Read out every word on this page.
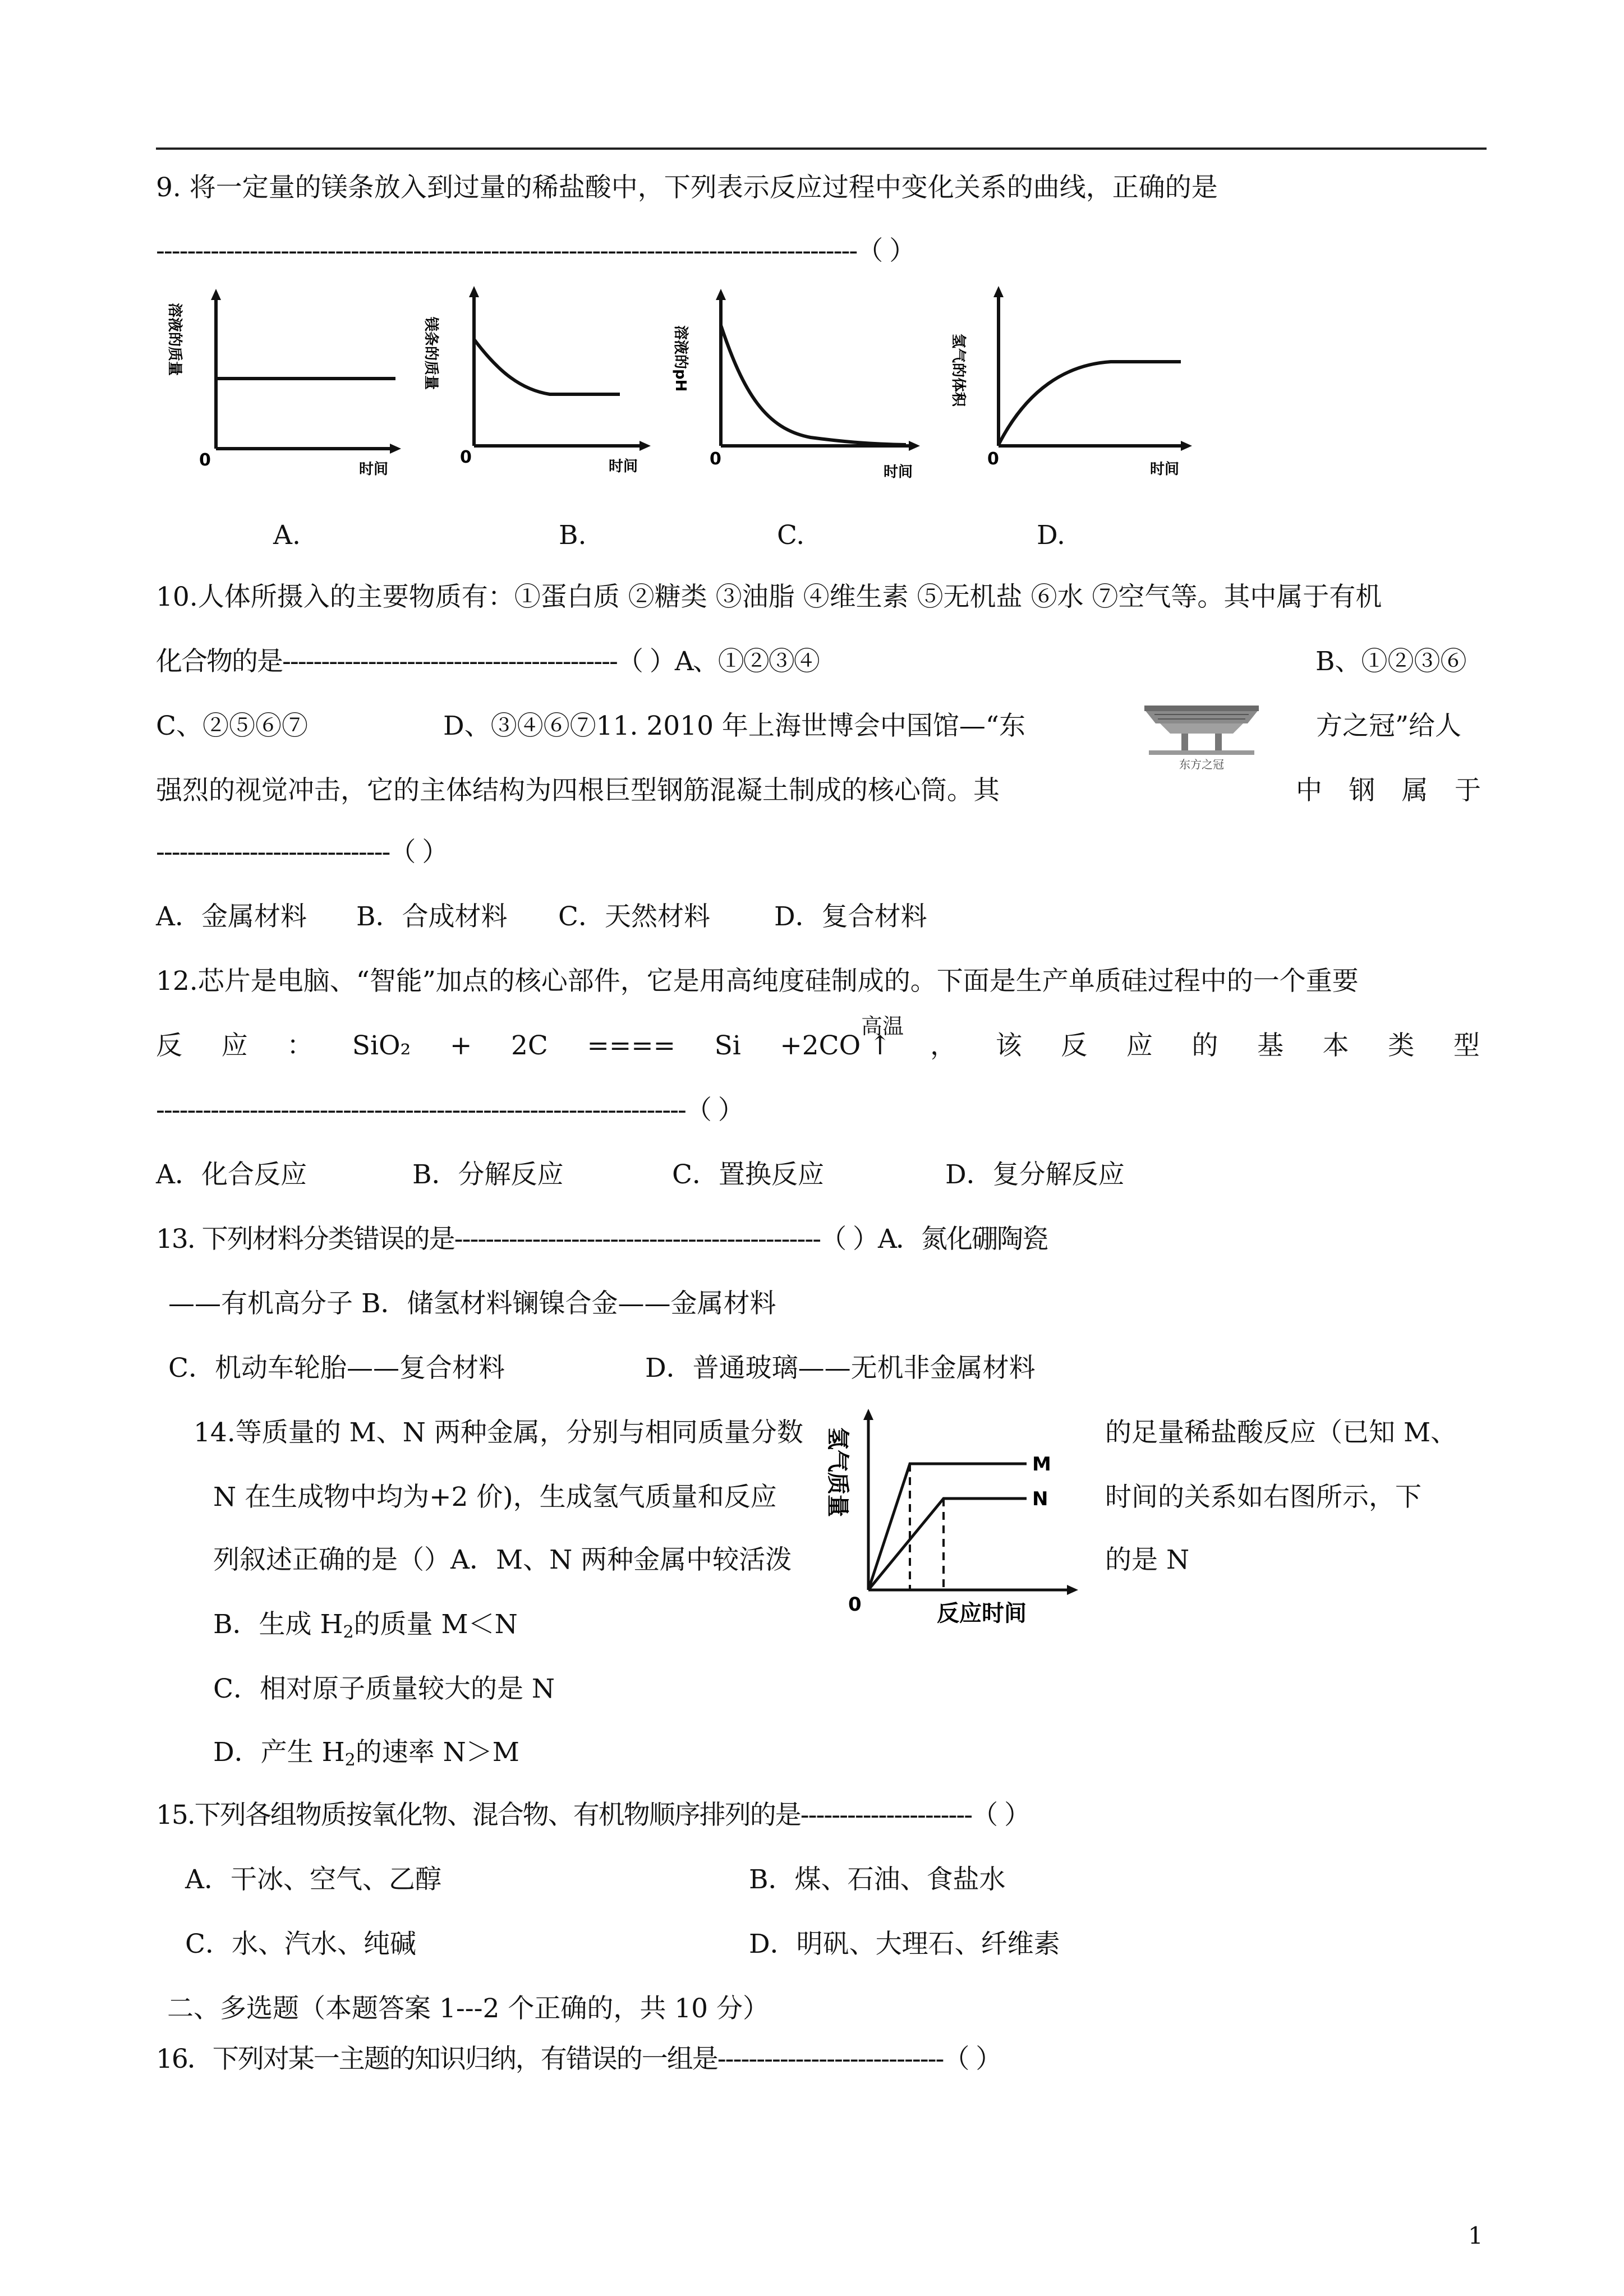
9. 将一定量的镁条放入到过量的稀盐酸中，下列表示反应过程中变化关系的曲线，正确的是
------------------------------------------------------------------------------------------（ ）
0	时间
溶液的质量
0	时间
镁条的质量
0
时间
溶液的pH
0
时间
氢气的体积
A.	B.	C.	D.
10.人体所摄入的主要物质有：①蛋白质 ②糖类 ③油脂 ④维生素 ⑤无机盐 ⑥水 ⑦空气等。其中属于有机
化合物的是-------------------------------------------（ ）A、①②③④	B、①②③⑥
C、②⑤⑥⑦	D、③④⑥⑦11. 2010 年上海世博会中国馆—“东	方之冠”给人
东方之冠
强烈的视觉冲击，它的主体结构为四根巨型钢筋混凝土制成的核心筒。其	中 钢 属 于
------------------------------（ ）
A．金属材料 B．合成材料 C．天然材料 D．复合材料
12.芯片是电脑、“智能”加点的核心部件，它是用高纯度硅制成的。下面是生产单质硅过程中的一个重要
高温
反 应 ： SiO₂ + 2C ==== Si +2CO ↑ ， 该 反 应 的 基 本 类 型
--------------------------------------------------------------------（ ）
A．化合反应	B．分解反应	C．置换反应	D．复分解反应
13. 下列材料分类错误的是-----------------------------------------------（ ）A．氮化硼陶瓷
——有机高分子 B．储氢材料镧镍合金——金属材料
C．机动车轮胎——复合材料	D．普通玻璃——无机非金属材料
14.等质量的 M、N 两种金属，分别与相同质量分数	的足量稀盐酸反应（已知 M、
N 在生成物中均为+2 价)，生成氢气质量和反应	时间的关系如右图所示，下
列叙述正确的是（）A．M、N 两种金属中较活泼	的是 N
B．生成 $H_2$的质量 M＜N
C．相对原子质量较大的是 N
D．产生 $H_2$的速率 N＞M
M
N
0	反应时间
氢气质量
15.下列各组物质按氧化物、混合物、有机物顺序排列的是----------------------（ ）
A．干冰、空气、乙醇	B．煤、石油、食盐水
C．水、汽水、纯碱	D．明矾、大理石、纤维素
二、多选题（本题答案 1---2 个正确的，共 10 分）
16．下列对某一主题的知识归纳，有错误的一组是-----------------------------（ ）
1
